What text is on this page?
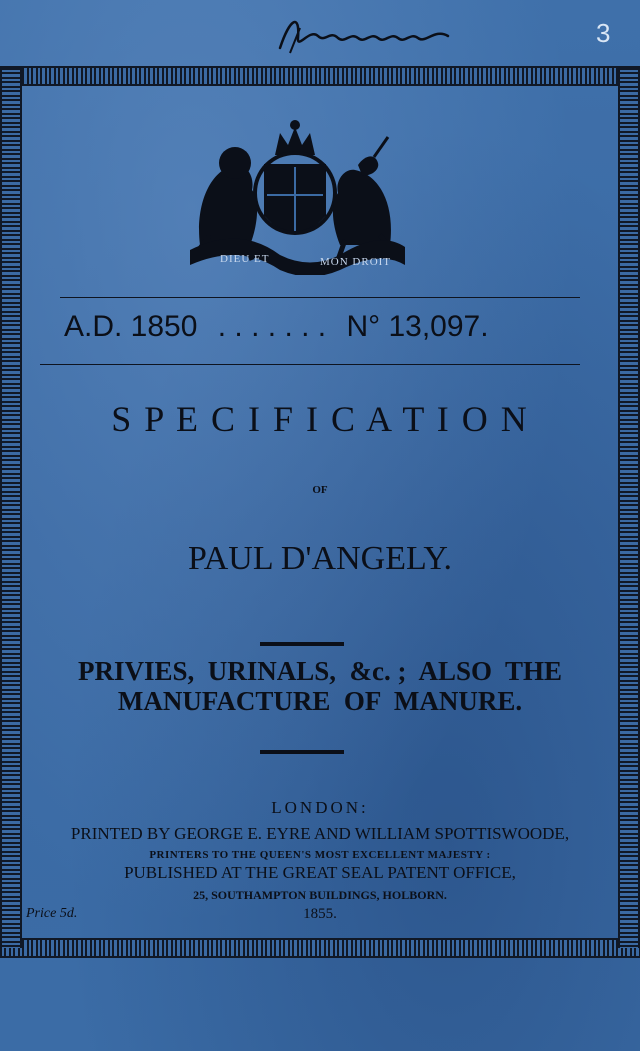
3
DIEU ET	MON DROIT
A.D. 1850 . . . . . . . N° 13,097.
S P E C I F I C A T I O N
OF
PAUL D'ANGELY.
PRIVIES,  URINALS,  &c. ;  ALSO  THE
MANUFACTURE  OF  MANURE.
LONDON:
PRINTED BY GEORGE E. EYRE AND WILLIAM SPOTTISWOODE,
PRINTERS TO THE QUEEN'S MOST EXCELLENT MAJESTY :
PUBLISHED AT THE GREAT SEAL PATENT OFFICE,
25, SOUTHAMPTON BUILDINGS, HOLBORN.
1855.
Price 5d.
